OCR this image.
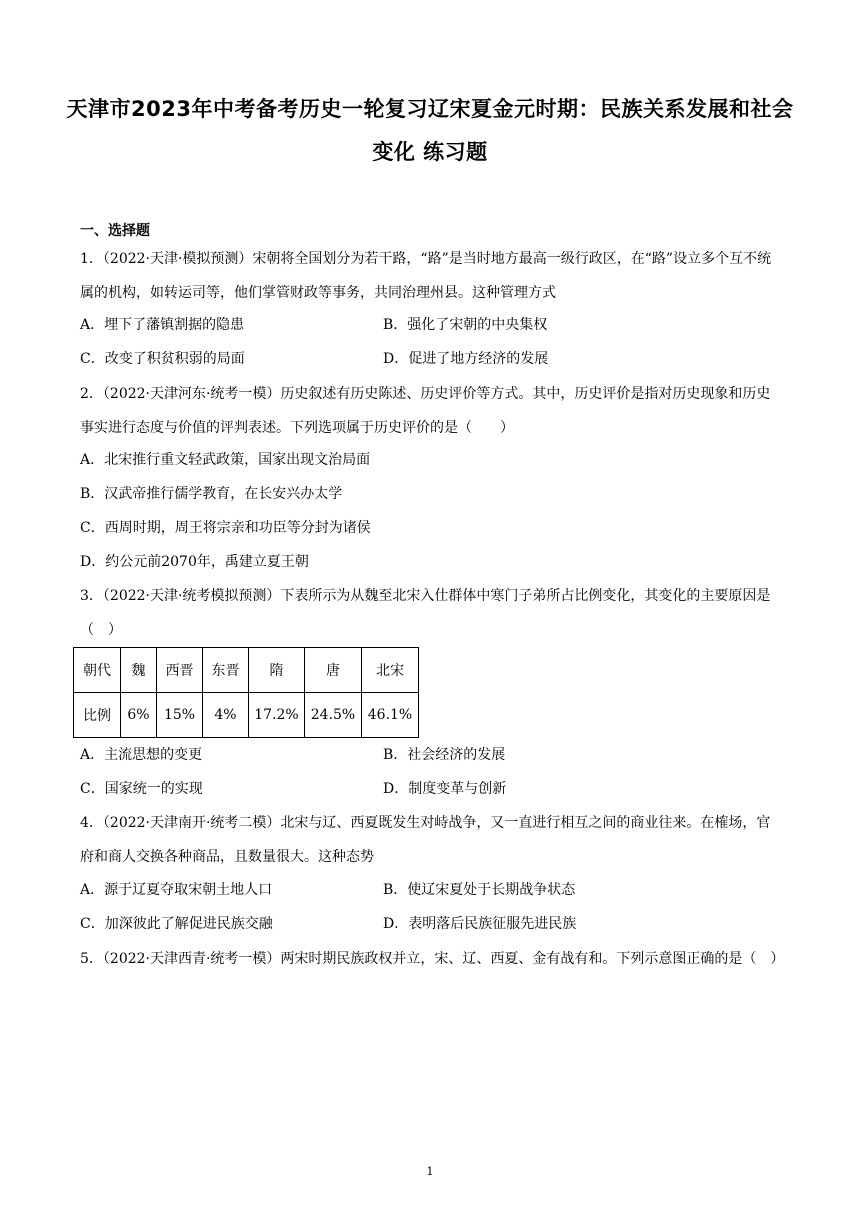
天津市2023年中考备考历史一轮复习辽宋夏金元时期：民族关系发展和社会变化 练习题
一、选择题
1．（2022·天津·模拟预测）宋朝将全国划分为若干路，“路”是当时地方最高一级行政区，在“路”设立多个互不统属的机构，如转运司等，他们掌管财政等事务，共同治理州县。这种管理方式
A．埋下了藩镇割据的隐患	B．强化了宋朝的中央集权
C．改变了积贫积弱的局面	D．促进了地方经济的发展
2．（2022·天津河东·统考一模）历史叙述有历史陈述、历史评价等方式。其中，历史评价是指对历史现象和历史事实进行态度与价值的评判表述。下列选项属于历史评价的是（　　）
A．北宋推行重文轻武政策，国家出现文治局面
B．汉武帝推行儒学教育，在长安兴办太学
C．西周时期，周王将宗亲和功臣等分封为诸侯
D．约公元前2070年，禹建立夏王朝
3．（2022·天津·统考模拟预测）下表所示为从魏至北宋入仕群体中寒门子弟所占比例变化，其变化的主要原因是（　）
朝代	魏	西晋	东晋	隋	唐	北宋
比例	6%	15%	4%	17.2%	24.5%	46.1%
A．主流思想的变更	B．社会经济的发展
C．国家统一的实现	D．制度变革与创新
4．（2022·天津南开·统考二模）北宋与辽、西夏既发生对峙战争，又一直进行相互之间的商业往来。在榷场，官府和商人交换各种商品，且数量很大。这种态势
A．源于辽夏夺取宋朝土地人口	B．使辽宋夏处于长期战争状态
C．加深彼此了解促进民族交融	D．表明落后民族征服先进民族
5．（2022·天津西青·统考一模）两宋时期民族政权并立，宋、辽、西夏、金有战有和。下列示意图正确的是（　）
1
